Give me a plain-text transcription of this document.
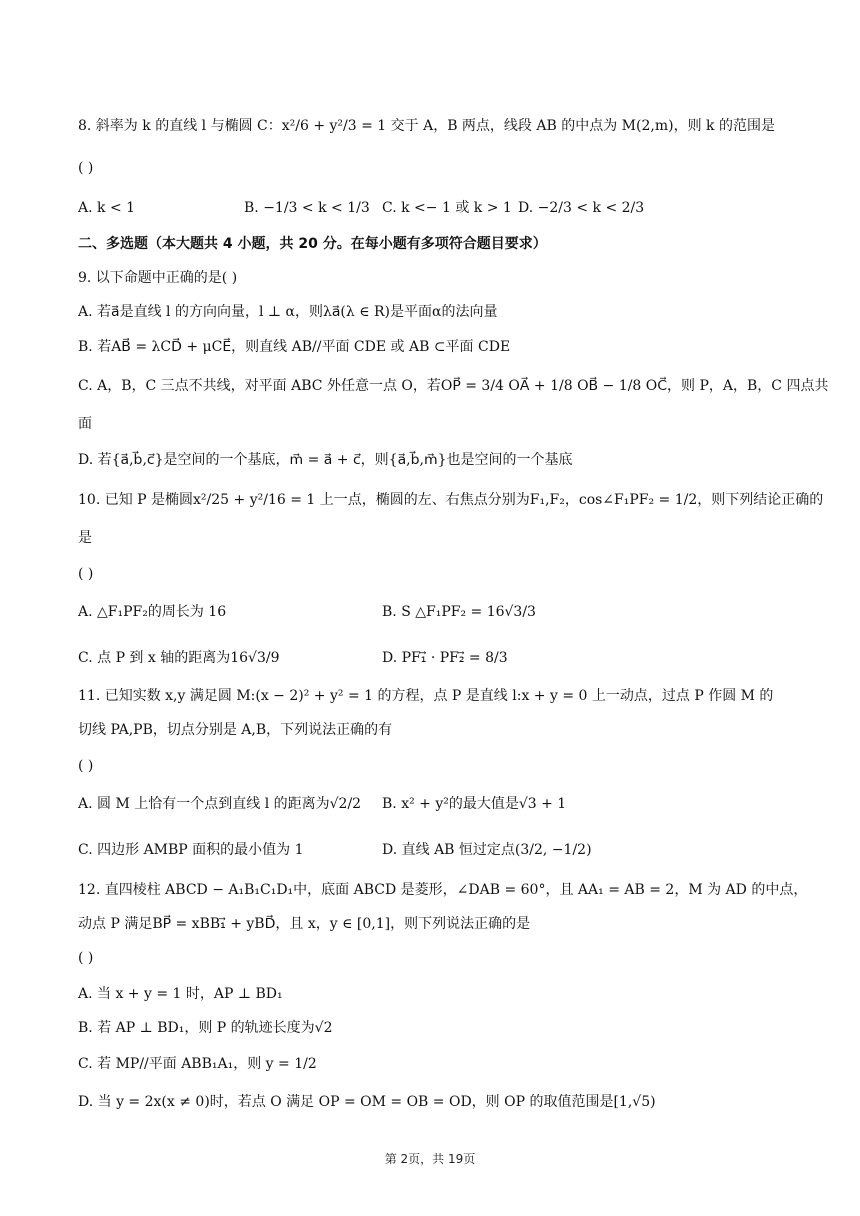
8. 斜率为 k 的直线 l 与椭圆 C：x²/6 + y²/3 = 1 交于 A，B 两点，线段 AB 的中点为 M(2,m)，则 k 的范围是
( )
A. k < 1	B. −1/3 < k < 1/3 C. k <− 1 或 k > 1 D. −2/3 < k < 2/3
二、多选题（本大题共 4 小题，共 20 分。在每小题有多项符合题目要求）
9. 以下命题中正确的是( )
A. 若a⃗是直线 l 的方向向量，l ⊥ α，则λa⃗(λ ∈ R)是平面α的法向量
B. 若AB⃗ = λCD⃗ + μCE⃗，则直线 AB//平面 CDE 或 AB ⊂平面 CDE
C. A，B，C 三点不共线，对平面 ABC 外任意一点 O，若OP⃗ = 3/4 OA⃗ + 1/8 OB⃗ − 1/8 OC⃗，则 P，A，B，C 四点共
面
D. 若{a⃗,b⃗,c⃗}是空间的一个基底，m⃗ = a⃗ + c⃗，则{a⃗,b⃗,m⃗}也是空间的一个基底
10. 已知 P 是椭圆x²/25 + y²/16 = 1 上一点，椭圆的左、右焦点分别为F₁,F₂，cos∠F₁PF₂ = 1/2，则下列结论正确的
是
( )
A. △F₁PF₂的周长为 16	B. S △F₁PF₂ = 16√3/3
C. 点 P 到 x 轴的距离为16√3/9	D. PF₁⃗ · PF₂⃗ = 8/3
11. 已知实数 x,y 满足圆 M:(x − 2)² + y² = 1 的方程，点 P 是直线 l:x + y = 0 上一动点，过点 P 作圆 M 的
切线 PA,PB，切点分别是 A,B，下列说法正确的有
( )
A. 圆 M 上恰有一个点到直线 l 的距离为√2/2 B. x² + y²的最大值是√3 + 1
C. 四边形 AMBP 面积的最小值为 1	D. 直线 AB 恒过定点(3/2, −1/2)
12. 直四棱柱 ABCD − A₁B₁C₁D₁中，底面 ABCD 是菱形，∠DAB = 60°，且 AA₁ = AB = 2，M 为 AD 的中点，
动点 P 满足BP⃗ = xBB₁⃗ + yBD⃗，且 x，y ∈ [0,1]，则下列说法正确的是
( )
A. 当 x + y = 1 时，AP ⊥ BD₁
B. 若 AP ⊥ BD₁，则 P 的轨迹长度为√2
C. 若 MP//平面 ABB₁A₁，则 y = 1/2
D. 当 y = 2x(x ≠ 0)时，若点 O 满足 OP = OM = OB = OD，则 OP 的取值范围是[1,√5)
第 2页，共 19页
